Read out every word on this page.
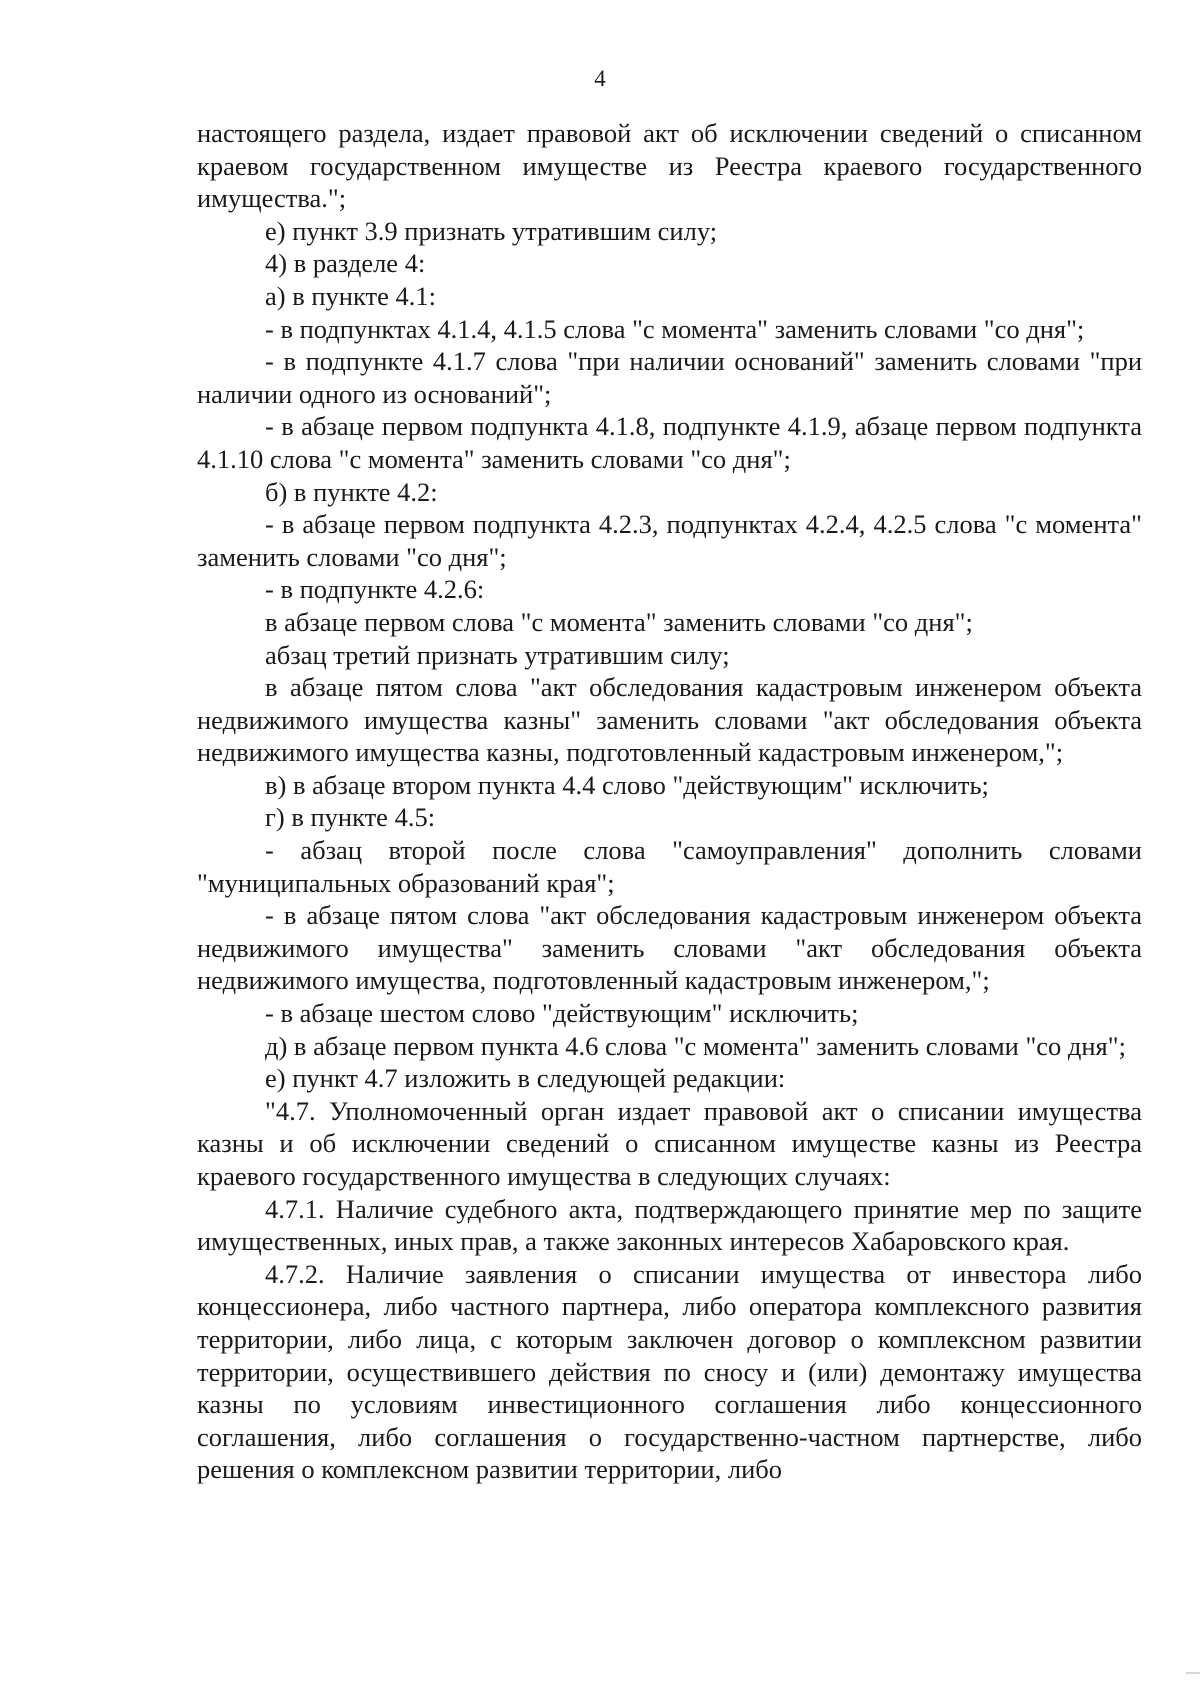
4

настоящего раздела, издает правовой акт об исключении сведений о списанном краевом государственном имуществе из Реестра краевого государственного имущества.";

е) пункт 3.9 признать утратившим силу;

4) в разделе 4:

а) в пункте 4.1:

- в подпунктах 4.1.4, 4.1.5 слова "с момента" заменить словами "со дня";

- в подпункте 4.1.7 слова "при наличии оснований" заменить словами "при наличии одного из оснований";

- в абзаце первом подпункта 4.1.8, подпункте 4.1.9, абзаце первом подпункта 4.1.10 слова "с момента" заменить словами "со дня";

б) в пункте 4.2:

- в абзаце первом подпункта 4.2.3, подпунктах 4.2.4, 4.2.5 слова "с момента" заменить словами "со дня";

- в подпункте 4.2.6:

в абзаце первом слова "с момента" заменить словами "со дня";

абзац третий признать утратившим силу;

в абзаце пятом слова "акт обследования кадастровым инженером объекта недвижимого имущества казны" заменить словами "акт обследования объекта недвижимого имущества казны, подготовленный кадастровым инженером,";

в) в абзаце втором пункта 4.4 слово "действующим" исключить;

г) в пункте 4.5:

- абзац второй после слова "самоуправления" дополнить словами "муниципальных образований края";

- в абзаце пятом слова "акт обследования кадастровым инженером объекта недвижимого имущества" заменить словами "акт обследования объекта недвижимого имущества, подготовленный кадастровым инженером,";

- в абзаце шестом слово "действующим" исключить;

д) в абзаце первом пункта 4.6 слова "с момента" заменить словами "со дня";

е) пункт 4.7 изложить в следующей редакции:

"4.7. Уполномоченный орган издает правовой акт о списании имущества казны и об исключении сведений о списанном имуществе казны из Реестра краевого государственного имущества в следующих случаях:

4.7.1. Наличие судебного акта, подтверждающего принятие мер по защите имущественных, иных прав, а также законных интересов Хабаровского края.

4.7.2. Наличие заявления о списании имущества от инвестора либо концессионера, либо частного партнера, либо оператора комплексного развития территории, либо лица, с которым заключен договор о комплексном развитии территории, осуществившего действия по сносу и (или) демонтажу имущества казны по условиям инвестиционного соглашения либо концессионного соглашения, либо соглашения о государственно-частном партнерстве, либо решения о комплексном развитии территории, либо
